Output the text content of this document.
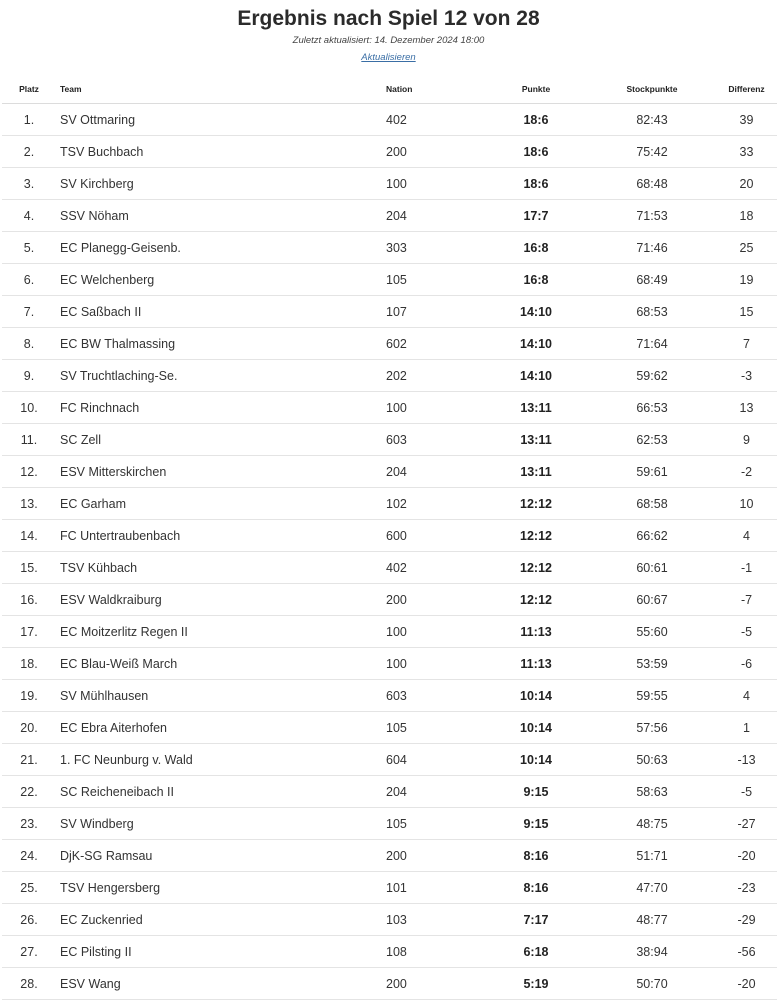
Ergebnis nach Spiel 12 von 28
Zuletzt aktualisiert: 14. Dezember 2024 18:00
Aktualisieren
Platz	Team	Nation	Punkte	Stockpunkte	Differenz
1.	SV Ottmaring	402	18:6	82:43	39
2.	TSV Buchbach	200	18:6	75:42	33
3.	SV Kirchberg	100	18:6	68:48	20
4.	SSV Nöham	204	17:7	71:53	18
5.	EC Planegg-Geisenb.	303	16:8	71:46	25
6.	EC Welchenberg	105	16:8	68:49	19
7.	EC Saßbach II	107	14:10	68:53	15
8.	EC BW Thalmassing	602	14:10	71:64	7
9.	SV Truchtlaching-Se.	202	14:10	59:62	-3
10.	FC Rinchnach	100	13:11	66:53	13
11.	SC Zell	603	13:11	62:53	9
12.	ESV Mitterskirchen	204	13:11	59:61	-2
13.	EC Garham	102	12:12	68:58	10
14.	FC Untertraubenbach	600	12:12	66:62	4
15.	TSV Kühbach	402	12:12	60:61	-1
16.	ESV Waldkraiburg	200	12:12	60:67	-7
17.	EC Moitzerlitz Regen II	100	11:13	55:60	-5
18.	EC Blau-Weiß March	100	11:13	53:59	-6
19.	SV Mühlhausen	603	10:14	59:55	4
20.	EC Ebra Aiterhofen	105	10:14	57:56	1
21.	1. FC Neunburg v. Wald	604	10:14	50:63	-13
22.	SC Reicheneibach II	204	9:15	58:63	-5
23.	SV Windberg	105	9:15	48:75	-27
24.	DjK-SG Ramsau	200	8:16	51:71	-20
25.	TSV Hengersberg	101	8:16	47:70	-23
26.	EC Zuckenried	103	7:17	48:77	-29
27.	EC Pilsting II	108	6:18	38:94	-56
28.	ESV Wang	200	5:19	50:70	-20
